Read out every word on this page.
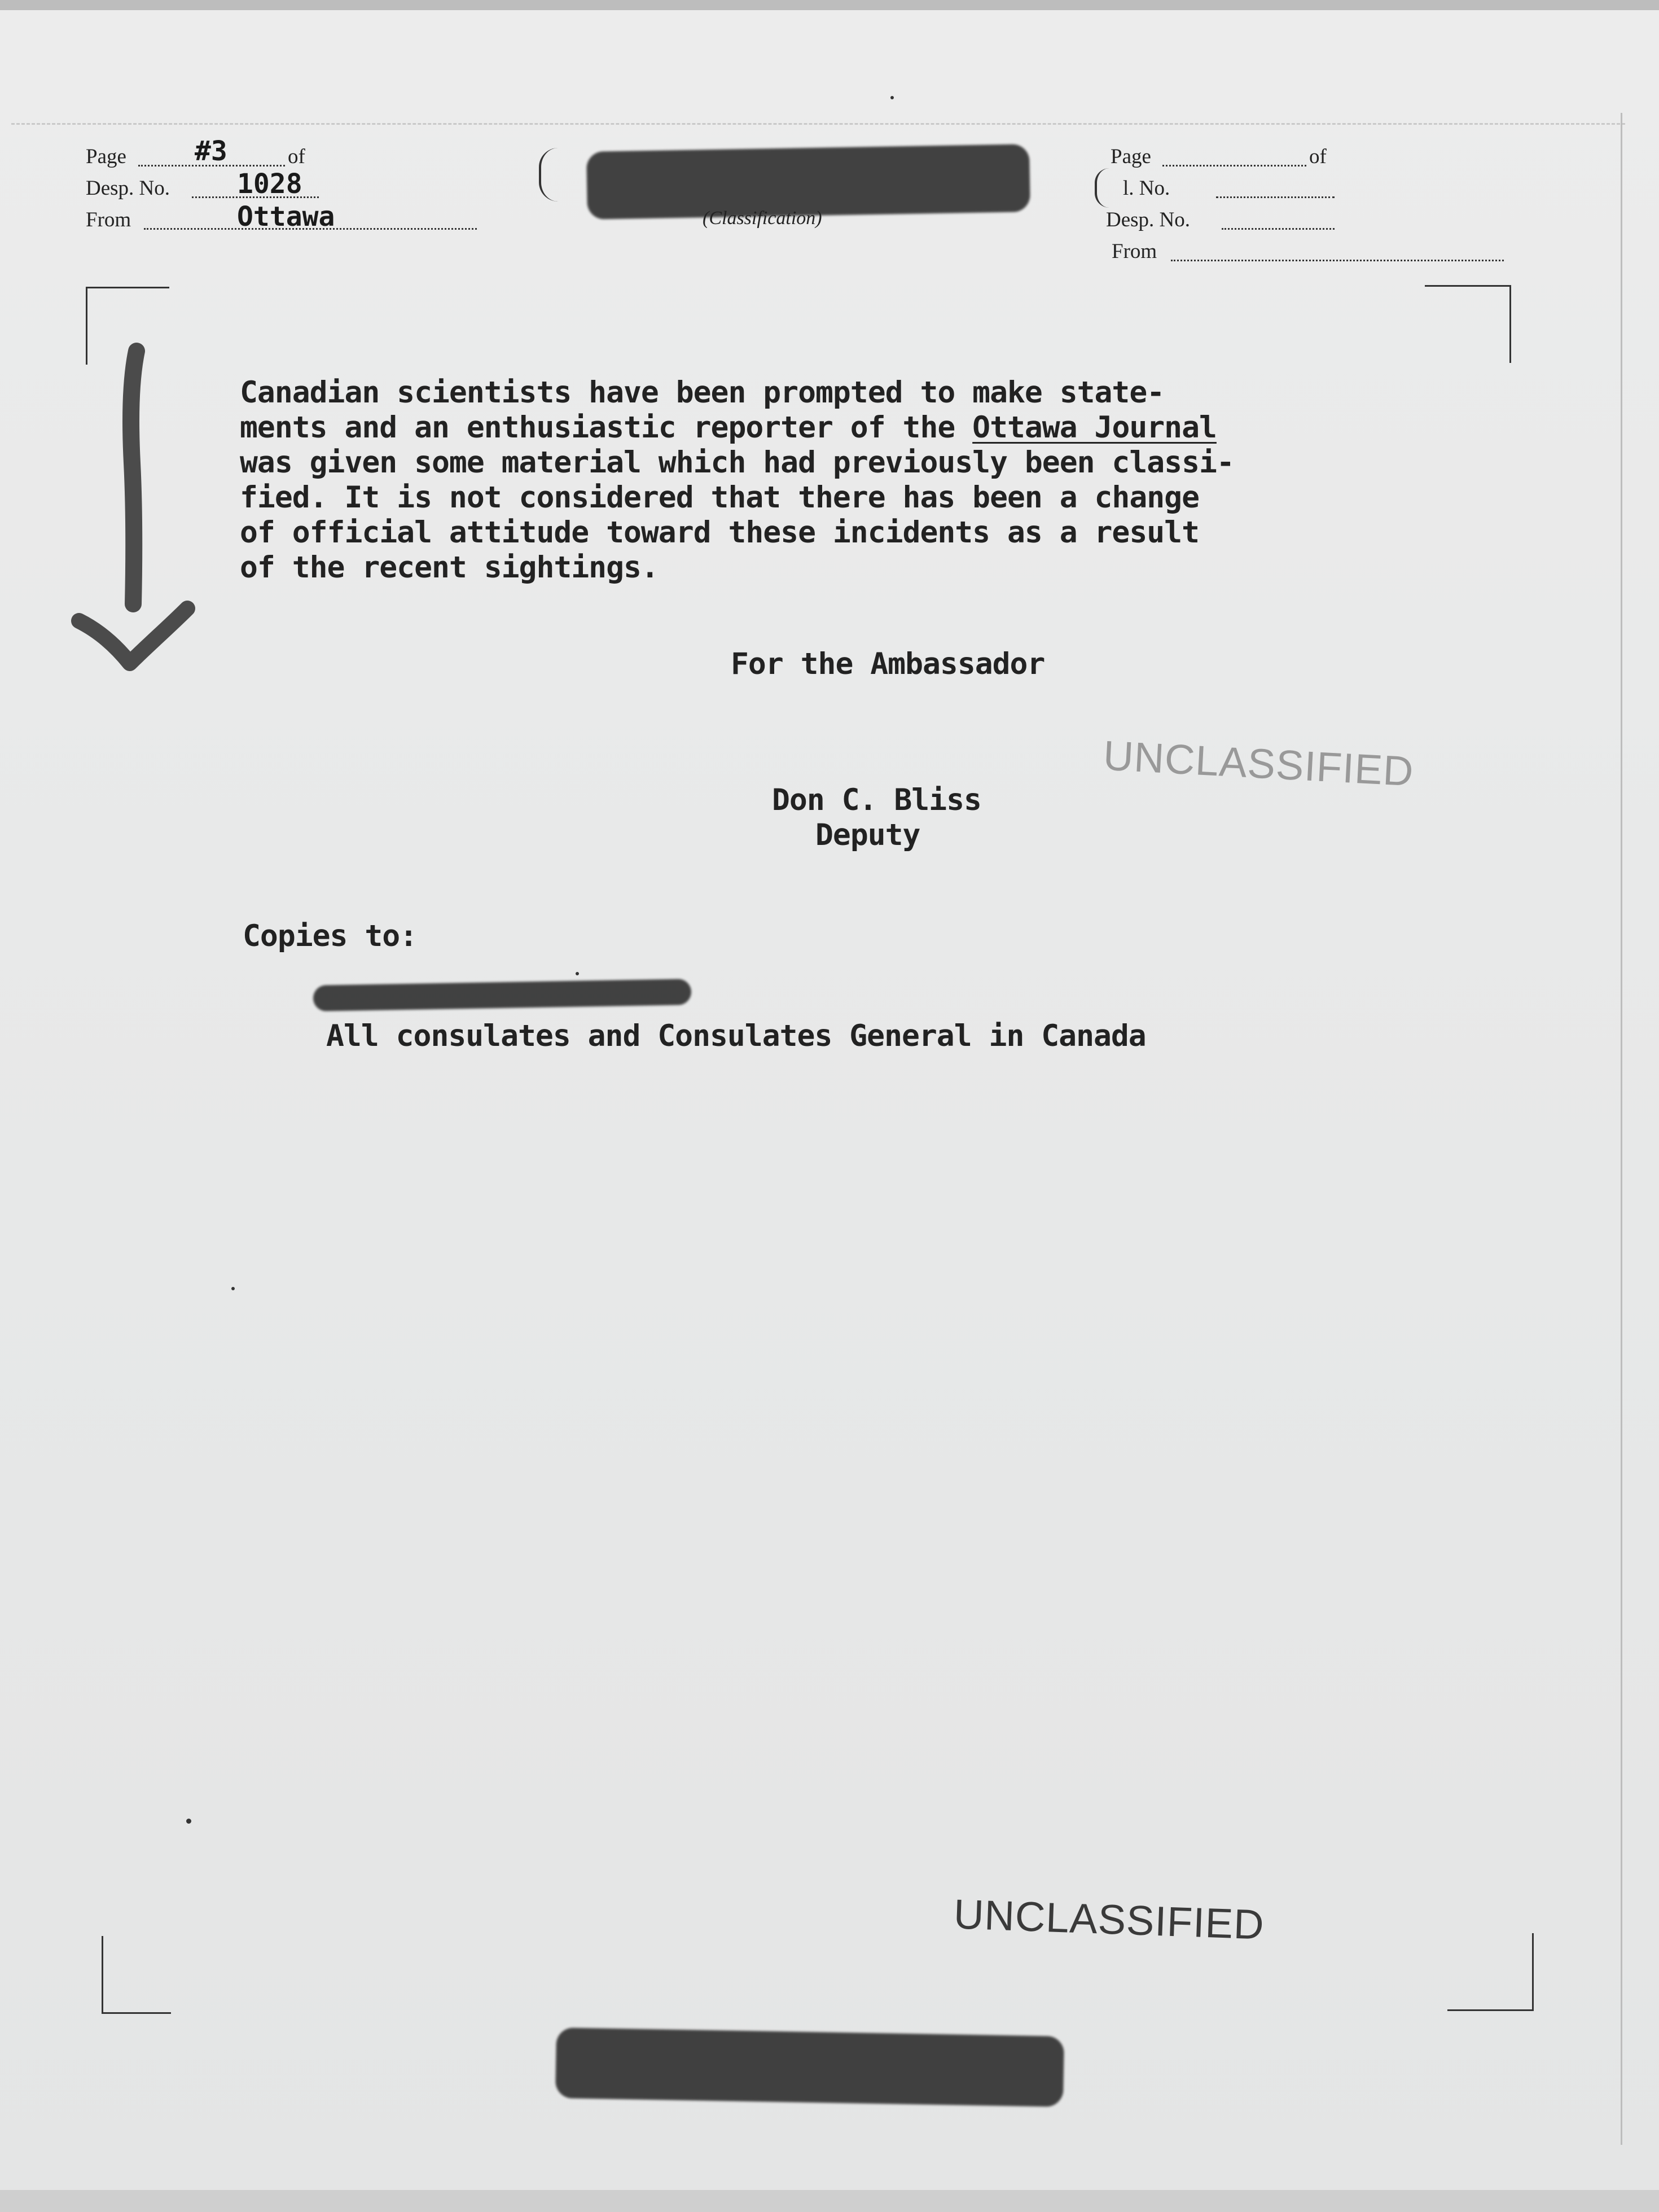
Page	#3	of
Desp. No. 1028
From	Ottawa	(Classification)
Page	of
l. No.
Desp. No.
From
Canadian scientists have been prompted to make state-
ments and an enthusiastic reporter of the Ottawa Journal
was given some material which had previously been classi-
fied. It is not considered that there has been a change
of official attitude toward these incidents as a result
of the recent sightings.
For the Ambassador
Don C. Bliss
Deputy
UNCLASSIFIED
Copies to:
All consulates and Consulates General in Canada
UNCLASSIFIED
